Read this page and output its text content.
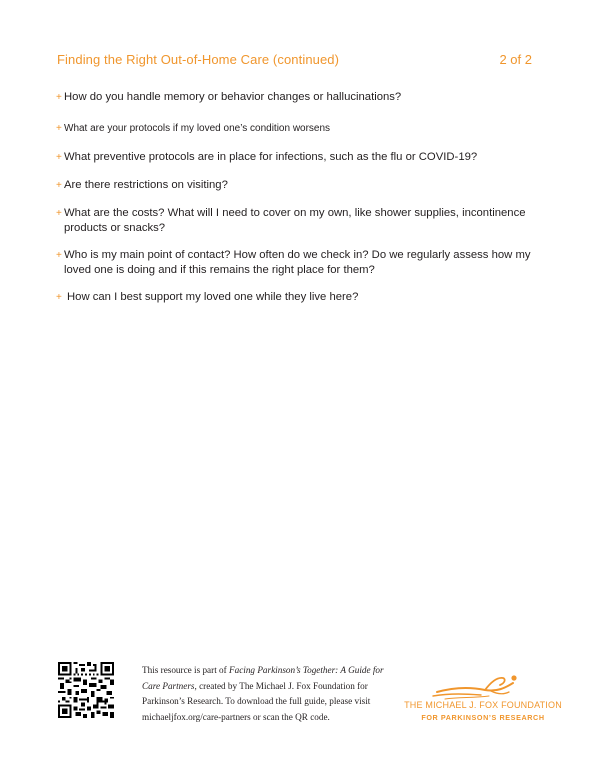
Finding the Right Out-of-Home Care (continued)	2 of 2
+ How do you handle memory or behavior changes or hallucinations?
+ What are your protocols if my loved one’s condition worsens
+ What preventive protocols are in place for infections, such as the flu or COVID-19?
+ Are there restrictions on visiting?
+ What are the costs? What will I need to cover on my own, like shower supplies, incontinence products or snacks?
+ Who is my main point of contact? How often do we check in? Do we regularly assess how my loved one is doing and if this remains the right place for them?
+ How can I best support my loved one while they live here?
This resource is part of Facing Parkinson’s Together: A Guide for Care Partners, created by The Michael J. Fox Foundation for Parkinson’s Research. To download the full guide, please visit michaeljfox.org/care-partners or scan the QR code.
THE MICHAEL J. FOX FOUNDATION
FOR PARKINSON’S RESEARCH
